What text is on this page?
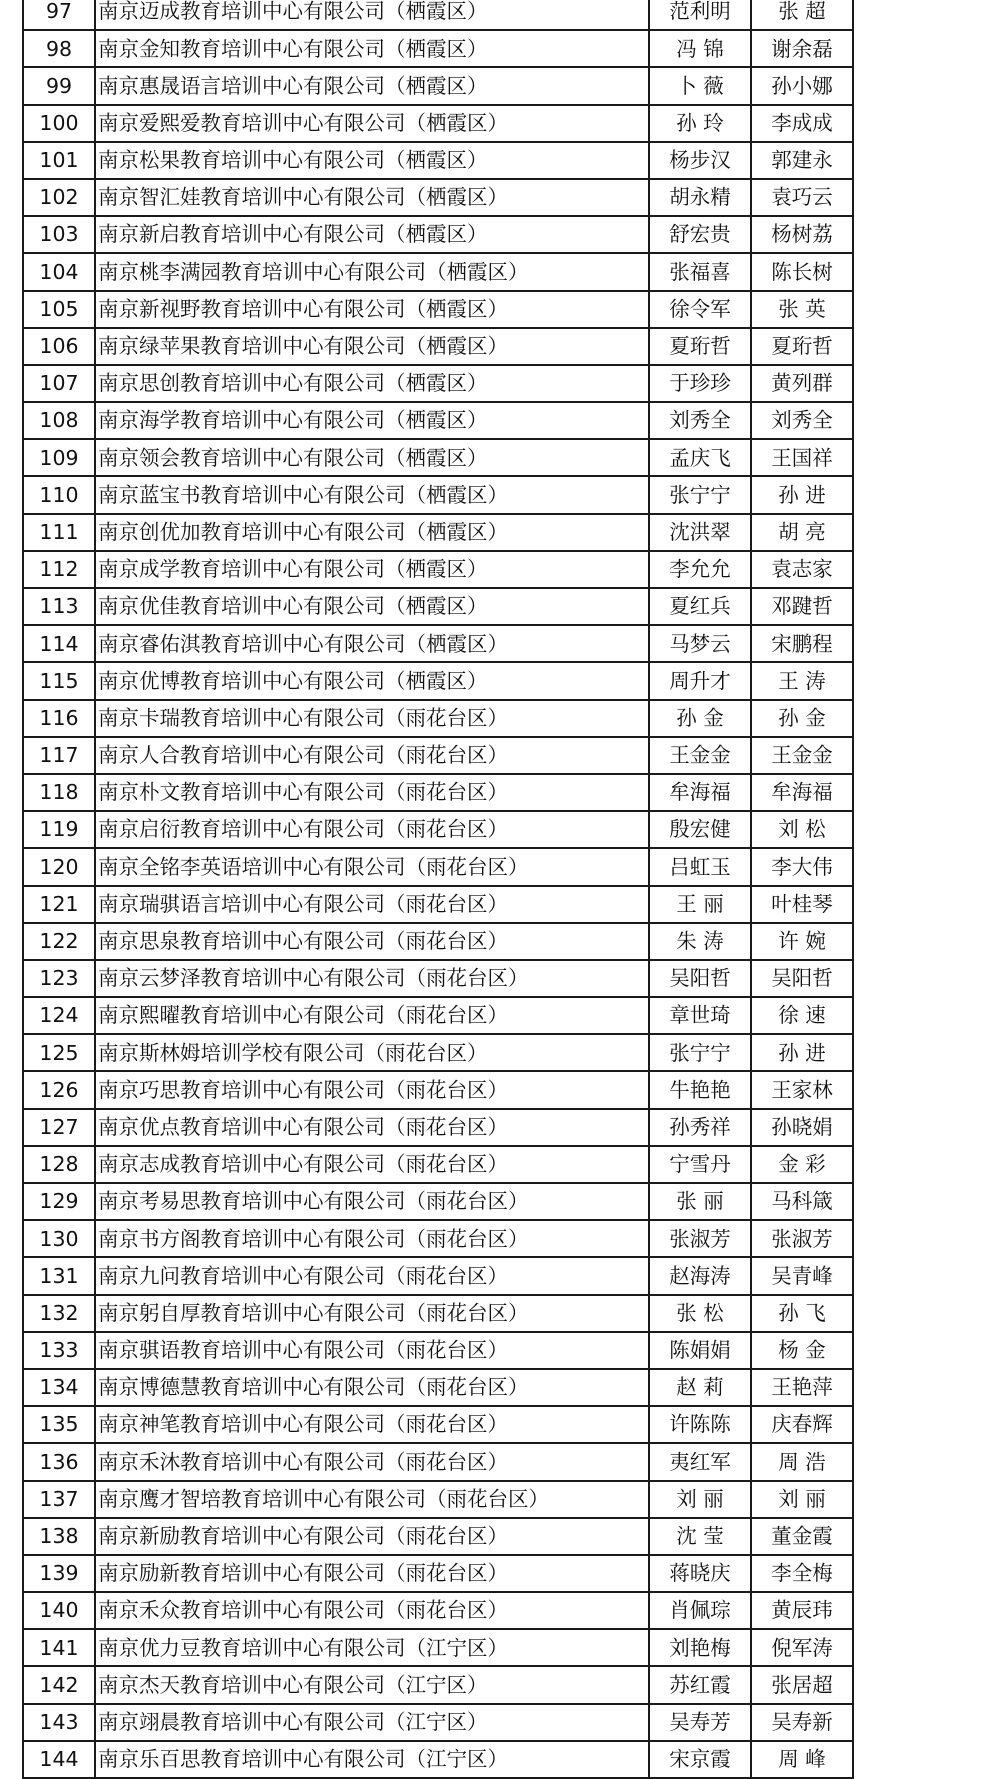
97	南京迈成教育培训中心有限公司（栖霞区）	范利明	张 超	
98	南京金知教育培训中心有限公司（栖霞区）	冯 锦	谢余磊	
99	南京惠晟语言培训中心有限公司（栖霞区）	卜 薇	孙小娜	
100	南京爱熙爱教育培训中心有限公司（栖霞区）	孙 玲	李成成	
101	南京松果教育培训中心有限公司（栖霞区）	杨步汉	郭建永	
102	南京智汇娃教育培训中心有限公司（栖霞区）	胡永精	袁巧云	
103	南京新启教育培训中心有限公司（栖霞区）	舒宏贵	杨树荔	
104	南京桃李满园教育培训中心有限公司（栖霞区）	张福喜	陈长树	
105	南京新视野教育培训中心有限公司（栖霞区）	徐令军	张 英	
106	南京绿苹果教育培训中心有限公司（栖霞区）	夏珩哲	夏珩哲	
107	南京思创教育培训中心有限公司（栖霞区）	于珍珍	黄列群	
108	南京海学教育培训中心有限公司（栖霞区）	刘秀全	刘秀全	
109	南京领会教育培训中心有限公司（栖霞区）	孟庆飞	王国祥	
110	南京蓝宝书教育培训中心有限公司（栖霞区）	张宁宁	孙 进	
111	南京创优加教育培训中心有限公司（栖霞区）	沈洪翠	胡 亮	
112	南京成学教育培训中心有限公司（栖霞区）	李允允	袁志家	
113	南京优佳教育培训中心有限公司（栖霞区）	夏红兵	邓踺哲	
114	南京睿佑淇教育培训中心有限公司（栖霞区）	马梦云	宋鹏程	
115	南京优博教育培训中心有限公司（栖霞区）	周升才	王 涛	
116	南京卡瑞教育培训中心有限公司（雨花台区）	孙 金	孙 金	
117	南京人合教育培训中心有限公司（雨花台区）	王金金	王金金	
118	南京朴文教育培训中心有限公司（雨花台区）	牟海福	牟海福	
119	南京启衍教育培训中心有限公司（雨花台区）	殷宏健	刘 松	
120	南京全铭李英语培训中心有限公司（雨花台区）	吕虹玉	李大伟	
121	南京瑞骐语言培训中心有限公司（雨花台区）	王 丽	叶桂琴	
122	南京思泉教育培训中心有限公司（雨花台区）	朱 涛	许 婉	
123	南京云梦泽教育培训中心有限公司（雨花台区）	吴阳哲	吴阳哲	
124	南京熙曜教育培训中心有限公司（雨花台区）	章世琦	徐 速	
125	南京斯林姆培训学校有限公司（雨花台区）	张宁宁	孙 进	
126	南京巧思教育培训中心有限公司（雨花台区）	牛艳艳	王家林	
127	南京优点教育培训中心有限公司（雨花台区）	孙秀祥	孙晓娟	
128	南京志成教育培训中心有限公司（雨花台区）	宁雪丹	金 彩	
129	南京考易思教育培训中心有限公司（雨花台区）	张 丽	马科箴	
130	南京书方阁教育培训中心有限公司（雨花台区）	张淑芳	张淑芳	
131	南京九问教育培训中心有限公司（雨花台区）	赵海涛	吴青峰	
132	南京躬自厚教育培训中心有限公司（雨花台区）	张 松	孙 飞	
133	南京骐语教育培训中心有限公司（雨花台区）	陈娟娟	杨 金	
134	南京博德慧教育培训中心有限公司（雨花台区）	赵 莉	王艳萍	
135	南京神笔教育培训中心有限公司（雨花台区）	许陈陈	庆春辉	
136	南京禾沐教育培训中心有限公司（雨花台区）	夷红军	周 浩	
137	南京鹰才智培教育培训中心有限公司（雨花台区）	刘 丽	刘 丽	
138	南京新励教育培训中心有限公司（雨花台区）	沈 莹	董金霞	
139	南京励新教育培训中心有限公司（雨花台区）	蒋晓庆	李全梅	
140	南京禾众教育培训中心有限公司（雨花台区）	肖佩琮	黄辰玮	
141	南京优力豆教育培训中心有限公司（江宁区）	刘艳梅	倪军涛	
142	南京杰天教育培训中心有限公司（江宁区）	苏红霞	张居超	
143	南京翊晨教育培训中心有限公司（江宁区）	吴寿芳	吴寿新	
144	南京乐百思教育培训中心有限公司（江宁区）	宋京霞	周 峰	
